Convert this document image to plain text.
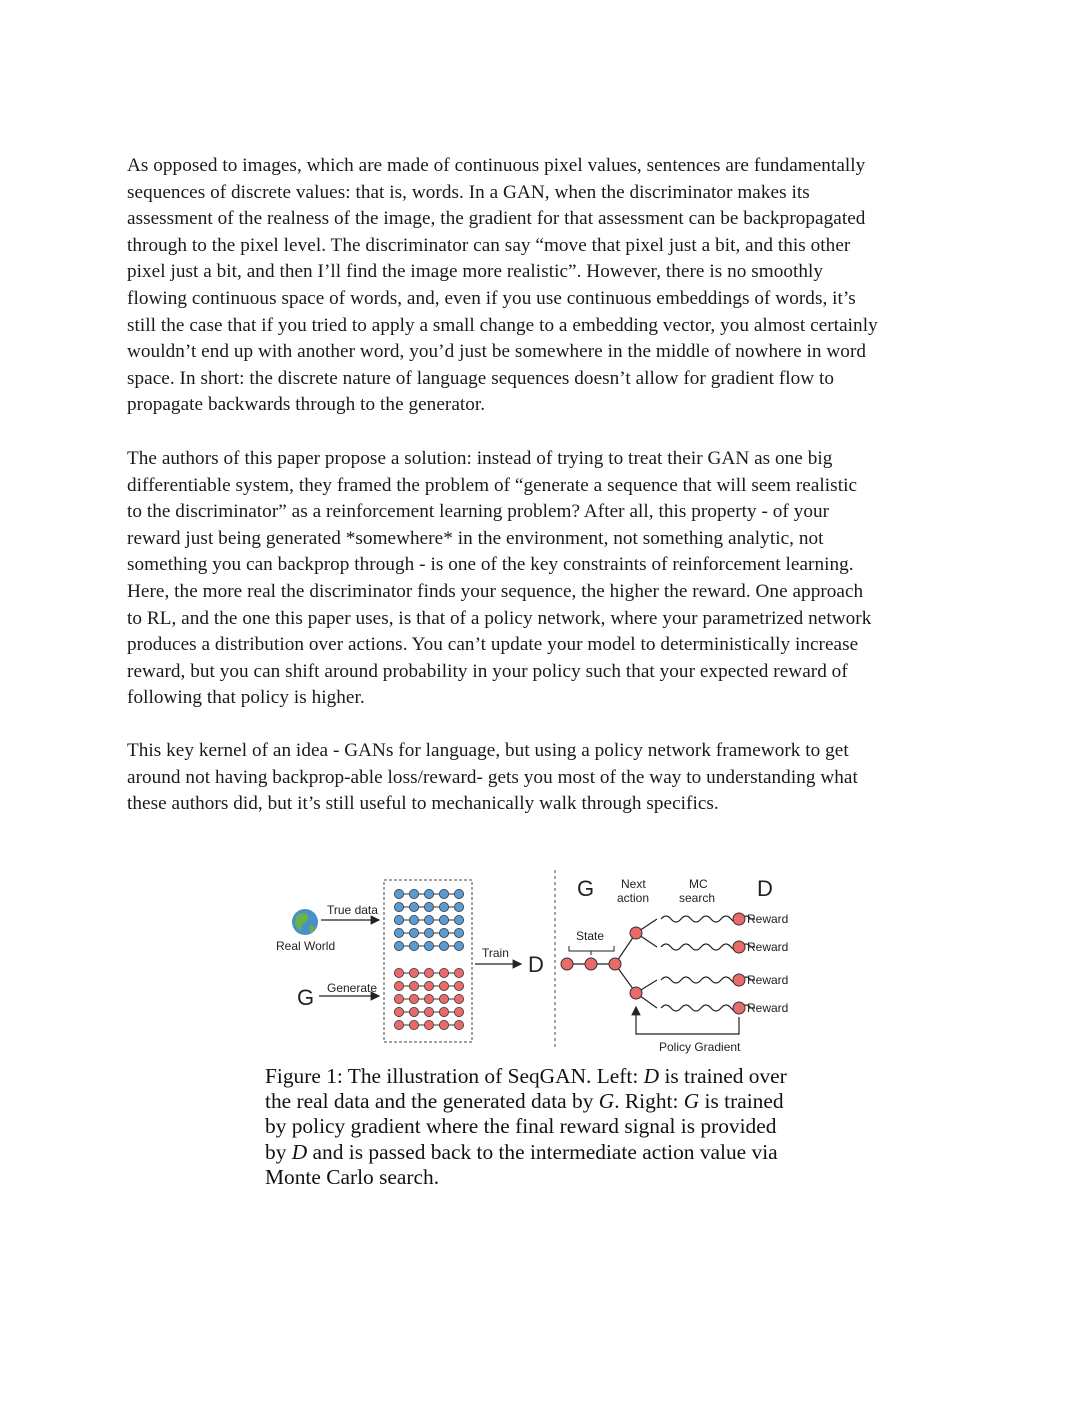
As opposed to images, which are made of continuous pixel values, sentences are fundamentally
sequences of discrete values: that is, words. In a GAN, when the discriminator makes its
assessment of the realness of the image, the gradient for that assessment can be backpropagated
through to the pixel level. The discriminator can say “move that pixel just a bit, and this other
pixel just a bit, and then I’ll find the image more realistic”. However, there is no smoothly
flowing continuous space of words, and, even if you use continuous embeddings of words, it’s
still the case that if you tried to apply a small change to a embedding vector, you almost certainly
wouldn’t end up with another word, you’d just be somewhere in the middle of nowhere in word
space. In short: the discrete nature of language sequences doesn’t allow for gradient flow to
propagate backwards through to the generator.

The authors of this paper propose a solution: instead of trying to treat their GAN as one big
differentiable system, they framed the problem of “generate a sequence that will seem realistic
to the discriminator” as a reinforcement learning problem? After all, this property - of your
reward just being generated *somewhere* in the environment, not something analytic, not
something you can backprop through - is one of the key constraints of reinforcement learning.
Here, the more real the discriminator finds your sequence, the higher the reward. One approach
to RL, and the one this paper uses, is that of a policy network, where your parametrized network
produces a distribution over actions. You can’t update your model to deterministically increase
reward, but you can shift around probability in your policy such that your expected reward of
following that policy is higher.

This key kernel of an idea - GANs for language, but using a policy network framework to get
around not having backprop-able loss/reward- gets you most of the way to understanding what
these authors did, but it’s still useful to mechanically walk through specifics.

Real World
True data
G Generate
Train D
G Next
action
MC
search D
State
Reward
Reward
Reward
Reward
Policy Gradient

Figure 1: The illustration of SeqGAN. Left: D is trained over
the real data and the generated data by G. Right: G is trained
by policy gradient where the final reward signal is provided
by D and is passed back to the intermediate action value via
Monte Carlo search.
